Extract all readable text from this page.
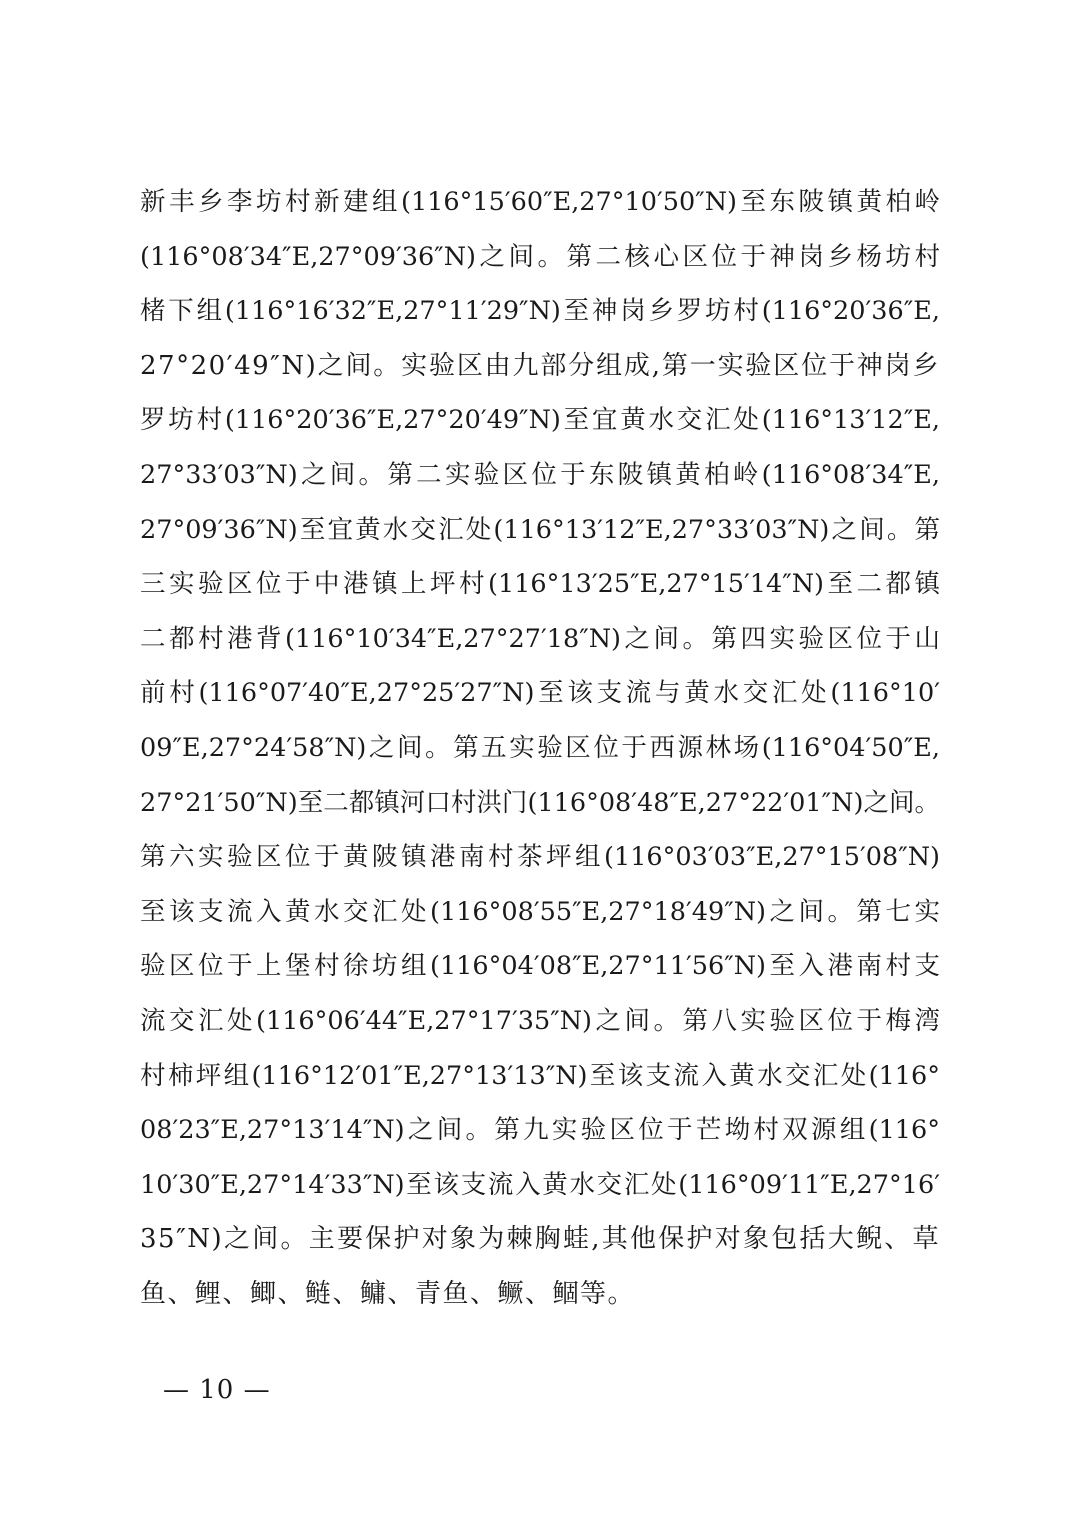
新丰乡李坊村新建组(116°15′60″E,27°10′50″N)至东陂镇黄柏岭
(116°08′34″E,27°09′36″N)之间。第二核心区位于神岗乡杨坊村
楮下组(116°16′32″E,27°11′29″N)至神岗乡罗坊村(116°20′36″E,
27°20′49″N)之间。实验区由九部分组成,第一实验区位于神岗乡
罗坊村(116°20′36″E,27°20′49″N)至宜黄水交汇处(116°13′12″E,
27°33′03″N)之间。第二实验区位于东陂镇黄柏岭(116°08′34″E,
27°09′36″N)至宜黄水交汇处(116°13′12″E,27°33′03″N)之间。第
三实验区位于中港镇上坪村(116°13′25″E,27°15′14″N)至二都镇
二都村港背(116°10′34″E,27°27′18″N)之间。第四实验区位于山
前村(116°07′40″E,27°25′27″N)至该支流与黄水交汇处(116°10′
09″E,27°24′58″N)之间。第五实验区位于西源林场(116°04′50″E,
27°21′50″N)至二都镇河口村洪门(116°08′48″E,27°22′01″N)之间。
第六实验区位于黄陂镇港南村茶坪组(116°03′03″E,27°15′08″N)
至该支流入黄水交汇处(116°08′55″E,27°18′49″N)之间。第七实
验区位于上堡村徐坊组(116°04′08″E,27°11′56″N)至入港南村支
流交汇处(116°06′44″E,27°17′35″N)之间。第八实验区位于梅湾
村柿坪组(116°12′01″E,27°13′13″N)至该支流入黄水交汇处(116°
08′23″E,27°13′14″N)之间。第九实验区位于芒坳村双源组(116°
10′30″E,27°14′33″N)至该支流入黄水交汇处(116°09′11″E,27°16′
35″N)之间。主要保护对象为棘胸蛙,其他保护对象包括大鲵、草
鱼、鲤、鲫、鲢、鳙、青鱼、鳜、鲴等。
— 10 —
